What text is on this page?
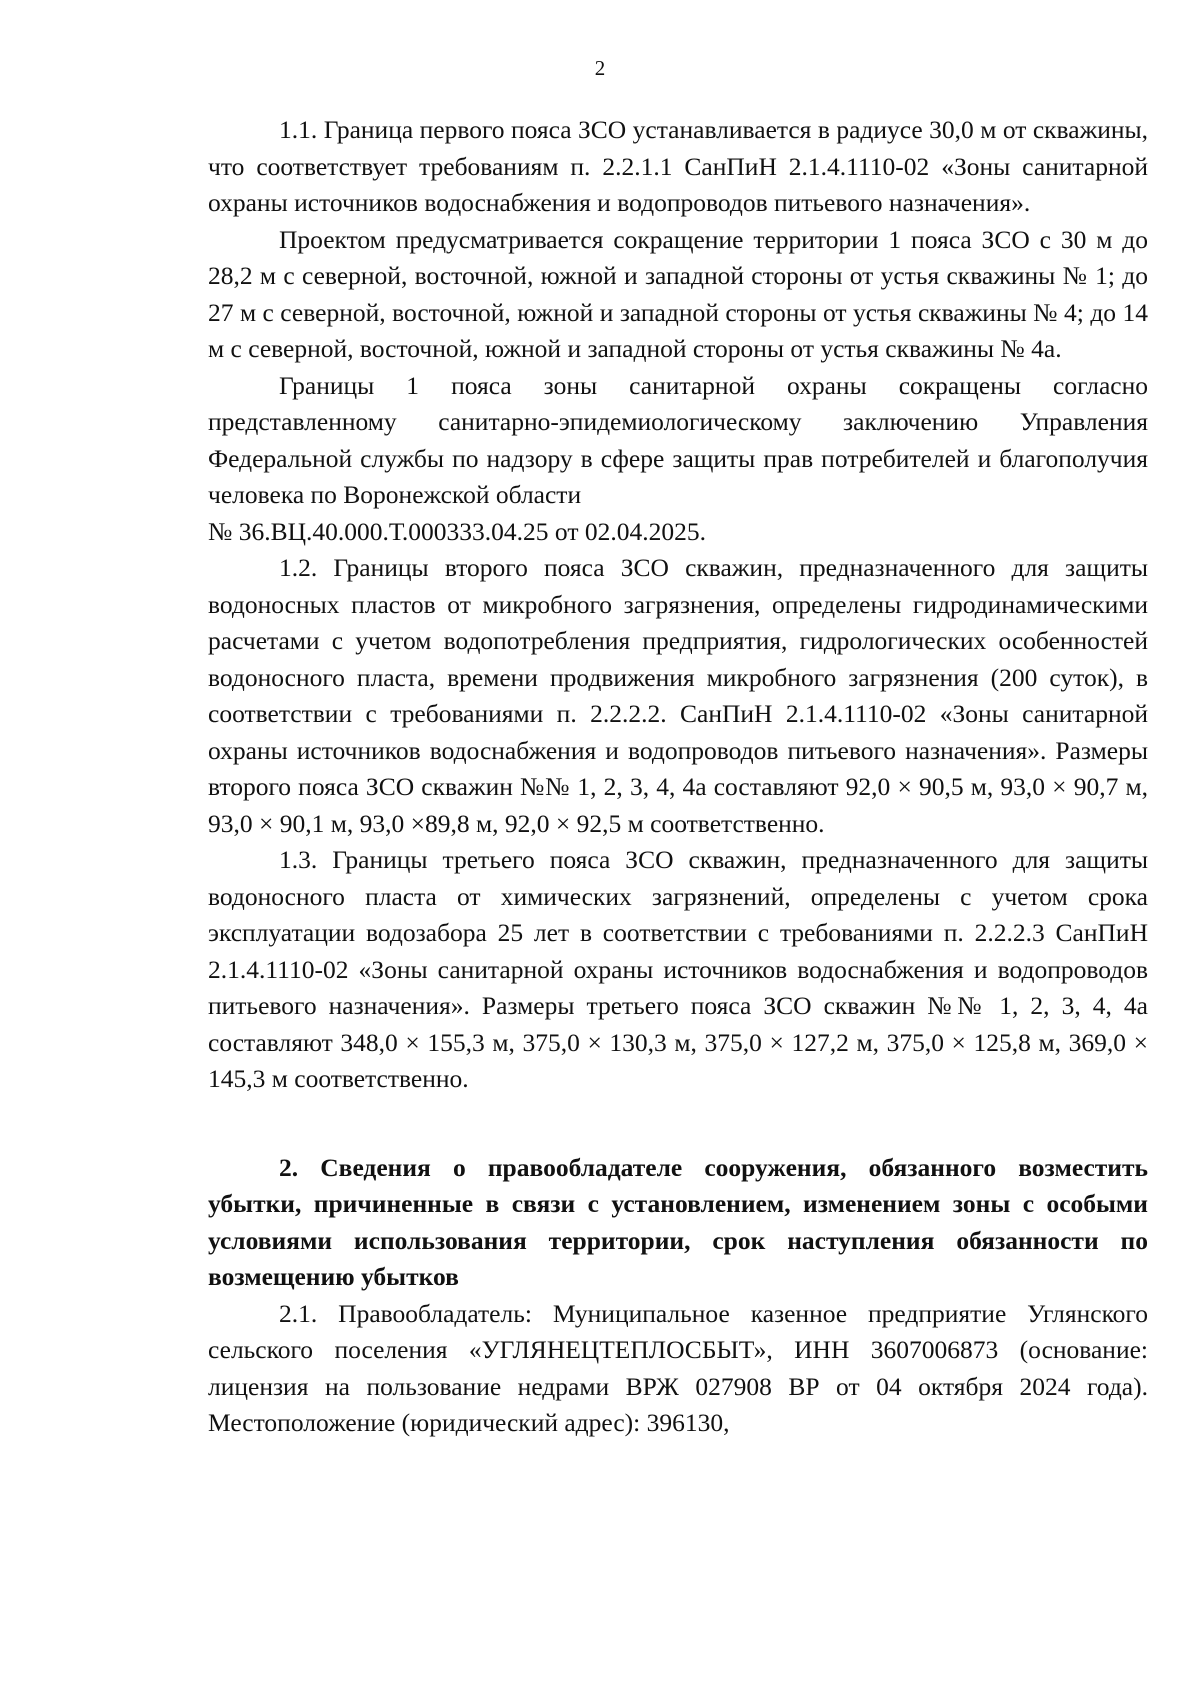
2

1.1. Граница первого пояса ЗСО устанавливается в радиусе 30,0 м от скважины, что соответствует требованиям п. 2.2.1.1 СанПиН 2.1.4.1110-02 «Зоны санитарной охраны источников водоснабжения и водопроводов питьевого назначения».

Проектом предусматривается сокращение территории 1 пояса ЗСО с 30 м до 28,2 м с северной, восточной, южной и западной стороны от устья скважины № 1; до 27 м с северной, восточной, южной и западной стороны от устья скважины № 4; до 14 м с северной, восточной, южной и западной стороны от устья скважины № 4а.

Границы 1 пояса зоны санитарной охраны сокращены согласно представленному санитарно-эпидемиологическому заключению Управления Федеральной службы по надзору в сфере защиты прав потребителей и благополучия человека по Воронежской области

№ 36.ВЦ.40.000.Т.000333.04.25 от 02.04.2025.

1.2. Границы второго пояса ЗСО скважин, предназначенного для защиты водоносных пластов от микробного загрязнения, определены гидродинамическими расчетами с учетом водопотребления предприятия, гидрологических особенностей водоносного пласта, времени продвижения микробного загрязнения (200 суток), в соответствии с требованиями п. 2.2.2.2. СанПиН 2.1.4.1110-02 «Зоны санитарной охраны источников водоснабжения и водопроводов питьевого назначения». Размеры второго пояса ЗСО скважин №№ 1, 2, 3, 4, 4а составляют 92,0 × 90,5 м, 93,0 × 90,7 м, 93,0 × 90,1 м, 93,0 ×89,8 м, 92,0 × 92,5 м соответственно.

1.3. Границы третьего пояса ЗСО скважин, предназначенного для защиты водоносного пласта от химических загрязнений, определены с учетом срока эксплуатации водозабора 25 лет в соответствии с требованиями п. 2.2.2.3 СанПиН 2.1.4.1110-02 «Зоны санитарной охраны источников водоснабжения и водопроводов питьевого назначения». Размеры третьего пояса ЗСО скважин №№ 1, 2, 3, 4, 4а составляют 348,0 × 155,3 м, 375,0 × 130,3 м, 375,0 × 127,2 м, 375,0 × 125,8 м, 369,0 × 145,3 м соответственно.

2. Сведения о правообладателе сооружения, обязанного возместить убытки, причиненные в связи с установлением, изменением зоны с особыми условиями использования территории, срок наступления обязанности по возмещению убытков

2.1. Правообладатель: Муниципальное казенное предприятие Углянского сельского поселения «УГЛЯНЕЦТЕПЛОСБЫТ», ИНН 3607006873 (основание: лицензия на пользование недрами ВРЖ 027908 ВР от 04 октября 2024 года). Местоположение (юридический адрес): 396130,
